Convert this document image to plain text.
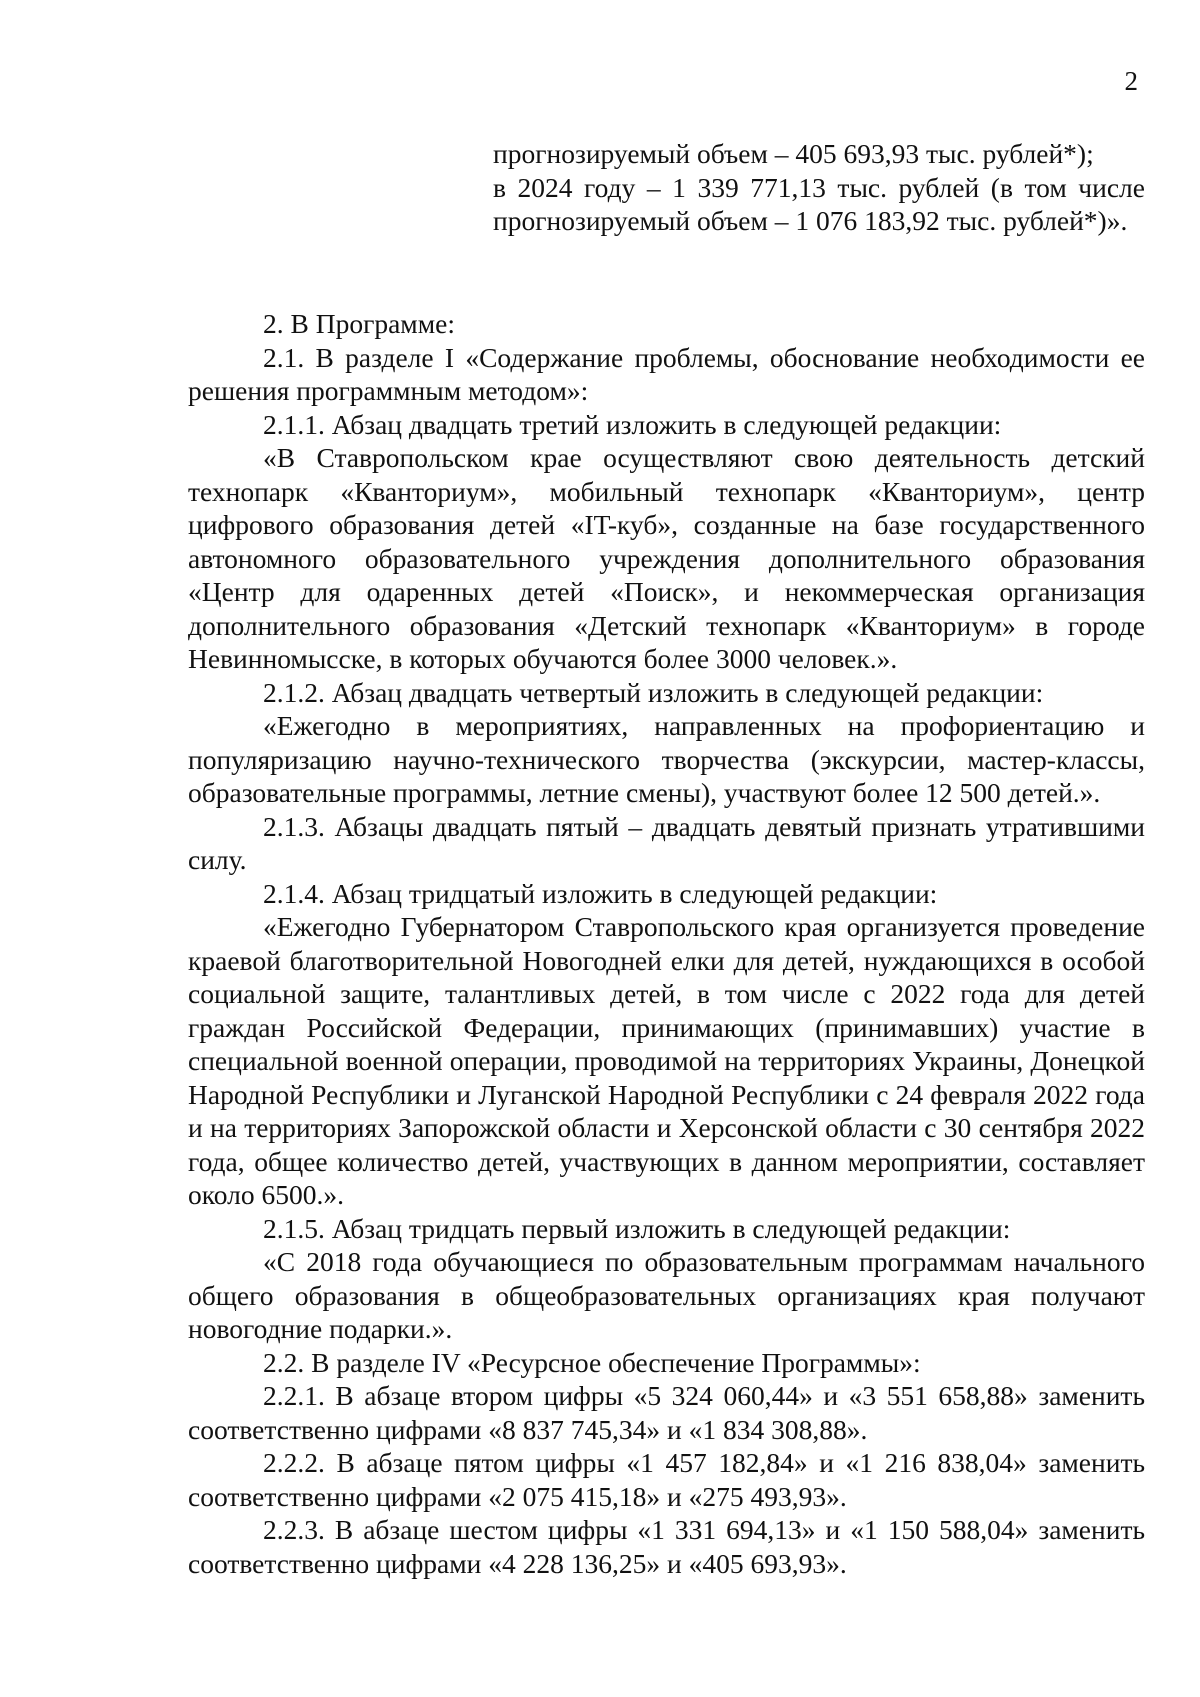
2
прогнозируемый объем – 405 693,93 тыс. рублей*);
в 2024 году – 1 339 771,13 тыс. рублей (в том числе прогнозируемый объем – 1 076 183,92 тыс. рублей*)».

2. В Программе:

2.1. В разделе I «Содержание проблемы, обоснование необходимости ее решения программным методом»:

2.1.1. Абзац двадцать третий изложить в следующей редакции:

«В Ставропольском крае осуществляют свою деятельность детский технопарк «Кванториум», мобильный технопарк «Кванториум», центр цифрового образования детей «IT-куб», созданные на базе государственного автономного образовательного учреждения дополнительного образования «Центр для одаренных детей «Поиск», и некоммерческая организация дополнительного образования «Детский технопарк «Кванториум» в городе Невинномысске, в которых обучаются более 3000 человек.».

2.1.2. Абзац двадцать четвертый изложить в следующей редакции:

«Ежегодно в мероприятиях, направленных на профориентацию и популяризацию научно-технического творчества (экскурсии, мастер-классы, образовательные программы, летние смены), участвуют более 12 500 детей.».

2.1.3. Абзацы двадцать пятый – двадцать девятый признать утратившими силу.

2.1.4. Абзац тридцатый изложить в следующей редакции:

«Ежегодно Губернатором Ставропольского края организуется проведение краевой благотворительной Новогодней елки для детей, нуждающихся в особой социальной защите, талантливых детей, в том числе с 2022 года для детей граждан Российской Федерации, принимающих (принимавших) участие в специальной военной операции, проводимой на территориях Украины, Донецкой Народной Республики и Луганской Народной Республики с 24 февраля 2022 года и на территориях Запорожской области и Херсонской области с 30 сентября 2022 года, общее количество детей, участвующих в данном мероприятии, составляет около 6500.».

2.1.5. Абзац тридцать первый изложить в следующей редакции:

«С 2018 года обучающиеся по образовательным программам начального общего образования в общеобразовательных организациях края получают новогодние подарки.».

2.2. В разделе IV «Ресурсное обеспечение Программы»:

2.2.1. В абзаце втором цифры «5 324 060,44» и «3 551 658,88» заменить соответственно цифрами «8 837 745,34» и «1 834 308,88».

2.2.2. В абзаце пятом цифры «1 457 182,84» и «1 216 838,04» заменить соответственно цифрами «2 075 415,18» и «275 493,93».

2.2.3. В абзаце шестом цифры «1 331 694,13» и «1 150 588,04» заменить соответственно цифрами «4 228 136,25» и «405 693,93».
